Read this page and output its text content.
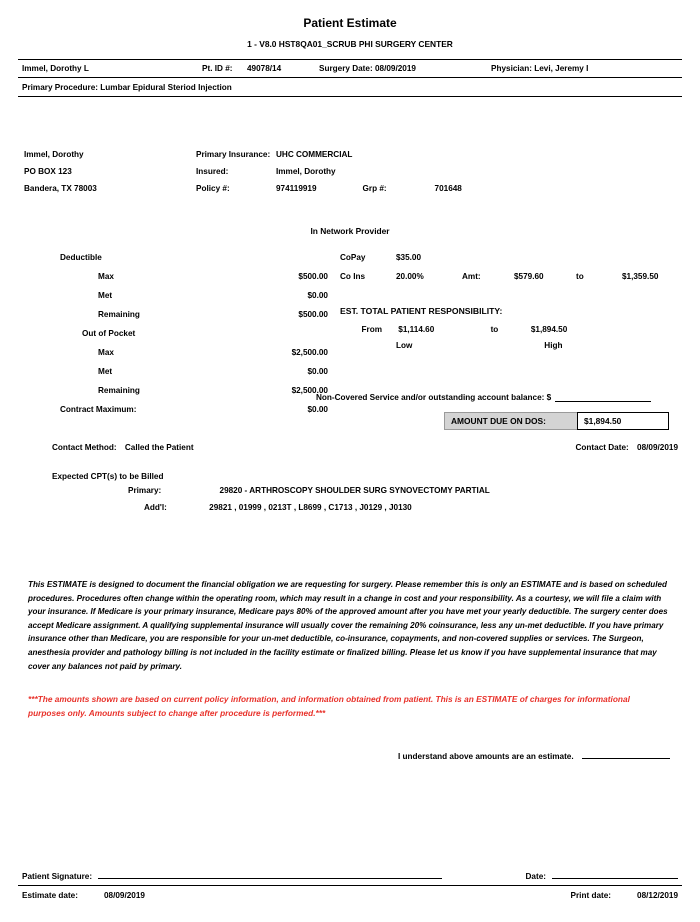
Patient Estimate
1 - V8.0 HST8QA01_SCRUB PHI SURGERY CENTER
Immel, Dorothy L	Pt. ID #:	49078/14	Surgery Date: 08/09/2019	Physician: Levi, Jeremy I
Primary Procedure: Lumbar Epidural Steriod Injection
Immel, Dorothy
PO BOX 123
Bandera, TX 78003
Primary Insurance: UHC COMMERCIAL
Insured:	Immel, Dorothy
Policy #:	974119919	Grp #:	701648
In Network Provider
Deductible	
Max	$500.00
Met	$0.00
Remaining	$500.00
Out of Pocket	
Max	$2,500.00
Met	$0.00
Remaining	$2,500.00
Contract Maximum:	$0.00
CoPay	$35.00				
Co Ins	20.00%	Amt:	$579.60	to	$1,359.50
EST. TOTAL PATIENT RESPONSIBILITY:
From $1,114.60	to	$1,894.50
Low	High
Non-Covered Service and/or outstanding account balance: $
AMOUNT DUE ON DOS:	$1,894.50
Contact Method: Called the Patient	Contact Date: 08/09/2019
Expected CPT(s) to be Billed
Primary:	29820 - ARTHROSCOPY SHOULDER SURG SYNOVECTOMY PARTIAL
Add'l:	29821 , 01999 , 0213T , L8699 , C1713 , J0129 , J0130
This ESTIMATE is designed to document the financial obligation we are requesting for surgery. Please remember this is only an ESTIMATE and is based on scheduled procedures. Procedures often change within the operating room, which may result in a change in cost and your responsibility. As a courtesy, we will file a claim with your insurance. If Medicare is your primary insurance, Medicare pays 80% of the approved amount after you have met your yearly deductible. The surgery center does accept Medicare assignment. A qualifying supplemental insurance will usually cover the remaining 20% coinsurance, less any un-met deductible. If you have primary insurance other than Medicare, you are responsible for your un-met deductible, co-insurance, copayments, and non-covered supplies or services. The Surgeon, anesthesia provider and pathology billing is not included in the facility estimate or finalized billing. Please let us know if you have supplemental insurance that may cover any balances not paid by primary.
***The amounts shown are based on current policy information, and information obtained from patient. This is an ESTIMATE of charges for informational purposes only. Amounts subject to change after procedure is performed.***
I understand above amounts are an estimate.
Patient Signature:	Date:
Estimate date:	08/09/2019	Print date:	08/12/2019
